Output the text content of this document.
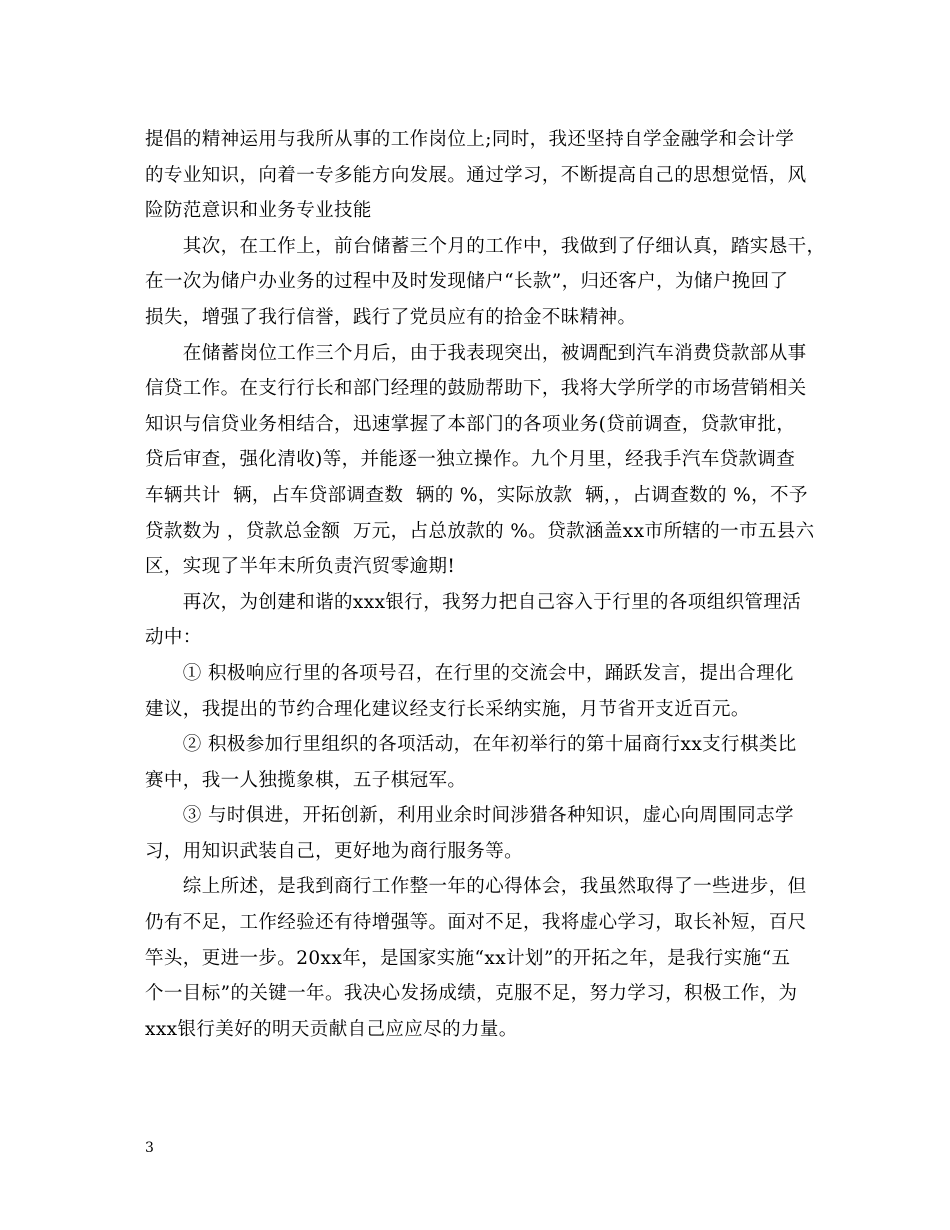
提倡的精神运用与我所从事的工作岗位上;同时，我还坚持自学金融学和会计学
的专业知识，向着一专多能方向发展。通过学习，不断提高自己的思想觉悟，风
险防范意识和业务专业技能
　　其次，在工作上，前台储蓄三个月的工作中，我做到了仔细认真，踏实恳干，
在一次为储户办业务的过程中及时发现储户“长款”，归还客户，为储户挽回了
损失，增强了我行信誉，践行了党员应有的拾金不昧精神。
　　在储蓄岗位工作三个月后，由于我表现突出，被调配到汽车消费贷款部从事
信贷工作。在支行行长和部门经理的鼓励帮助下，我将大学所学的市场营销相关
知识与信贷业务相结合，迅速掌握了本部门的各项业务(贷前调查，贷款审批，
贷后审查，强化清收)等，并能逐一独立操作。九个月里，经我手汽车贷款调查
车辆共计  辆，占车贷部调查数  辆的 %，实际放款  辆，，占调查数的 %，不予
贷款数为 ，贷款总金额  万元，占总放款的 %。贷款涵盖xx市所辖的一市五县六
区，实现了半年末所负责汽贸零逾期!
　　再次，为创建和谐的xxx银行，我努力把自己容入于行里的各项组织管理活
动中：
　　① 积极响应行里的各项号召，在行里的交流会中，踊跃发言，提出合理化
建议，我提出的节约合理化建议经支行长采纳实施，月节省开支近百元。
　　② 积极参加行里组织的各项活动，在年初举行的第十届商行xx支行棋类比
赛中，我一人独揽象棋，五子棋冠军。
　　③ 与时俱进，开拓创新，利用业余时间涉猎各种知识，虚心向周围同志学
习，用知识武装自己，更好地为商行服务等。
　　综上所述，是我到商行工作整一年的心得体会，我虽然取得了一些进步，但
仍有不足，工作经验还有待增强等。面对不足，我将虚心学习，取长补短，百尺
竿头，更进一步。20xx年，是国家实施“xx计划”的开拓之年，是我行实施“五
个一目标”的关键一年。我决心发扬成绩，克服不足，努力学习，积极工作，为
xxx银行美好的明天贡献自己应应尽的力量。
3
